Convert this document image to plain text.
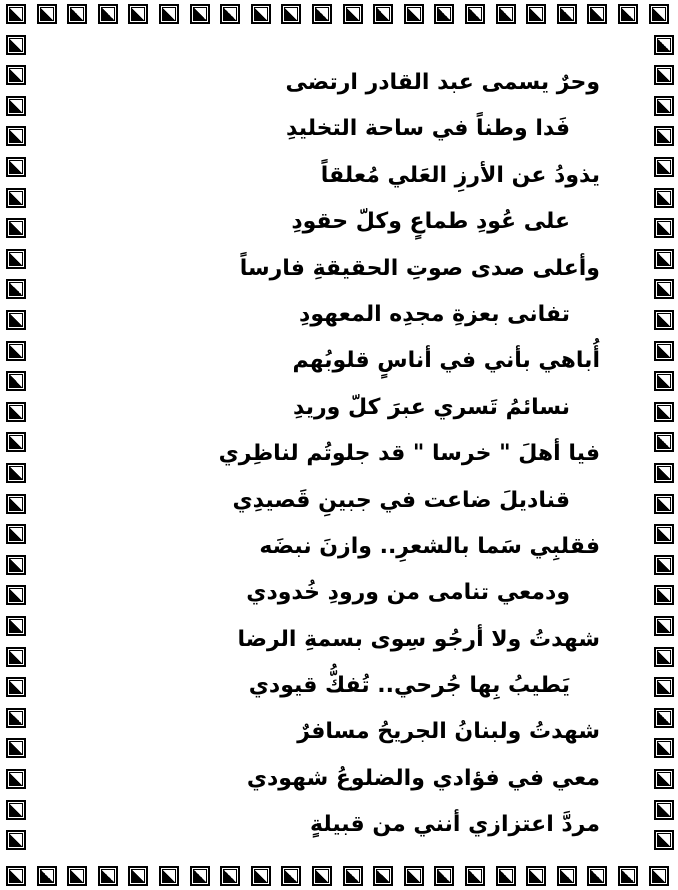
وحرٌ يسمى عبد القادر ارتضى
فَدا وطناً في ساحة التخليدِ
يذودُ عن الأرزِ العَلي مُعلقاً
على عُودِ طماعٍ وكلّ حقودِ
وأعلى صدى صوتِ الحقيقةِ فارساً
تفانى بعزةِ مجدِه المعهودِ
أُباهي بأني في أناسٍ قلوبُهم
نسائمُ تَسري عبرَ كلّ وريدِ
فيا أهلَ " خرسا " قد جلوتُم لناظِري
قناديلَ ضاعت في جبينِ قَصيدِي
فقلبِي سَما بالشعرِ.. وازنَ نبضَه
ودمعي تنامى من ورودِ خُدودي
شهدتُ ولا أرجُو سِوى بسمةِ الرضا
يَطيبُ بِها جُرحي.. تُفكُّ قيودي
شهدتُ ولبنانُ الجريحُ مسافرٌ
معي في فؤادي والضلوعُ شهودي
مردَّ اعتزازي أنني من قبيلةٍ
